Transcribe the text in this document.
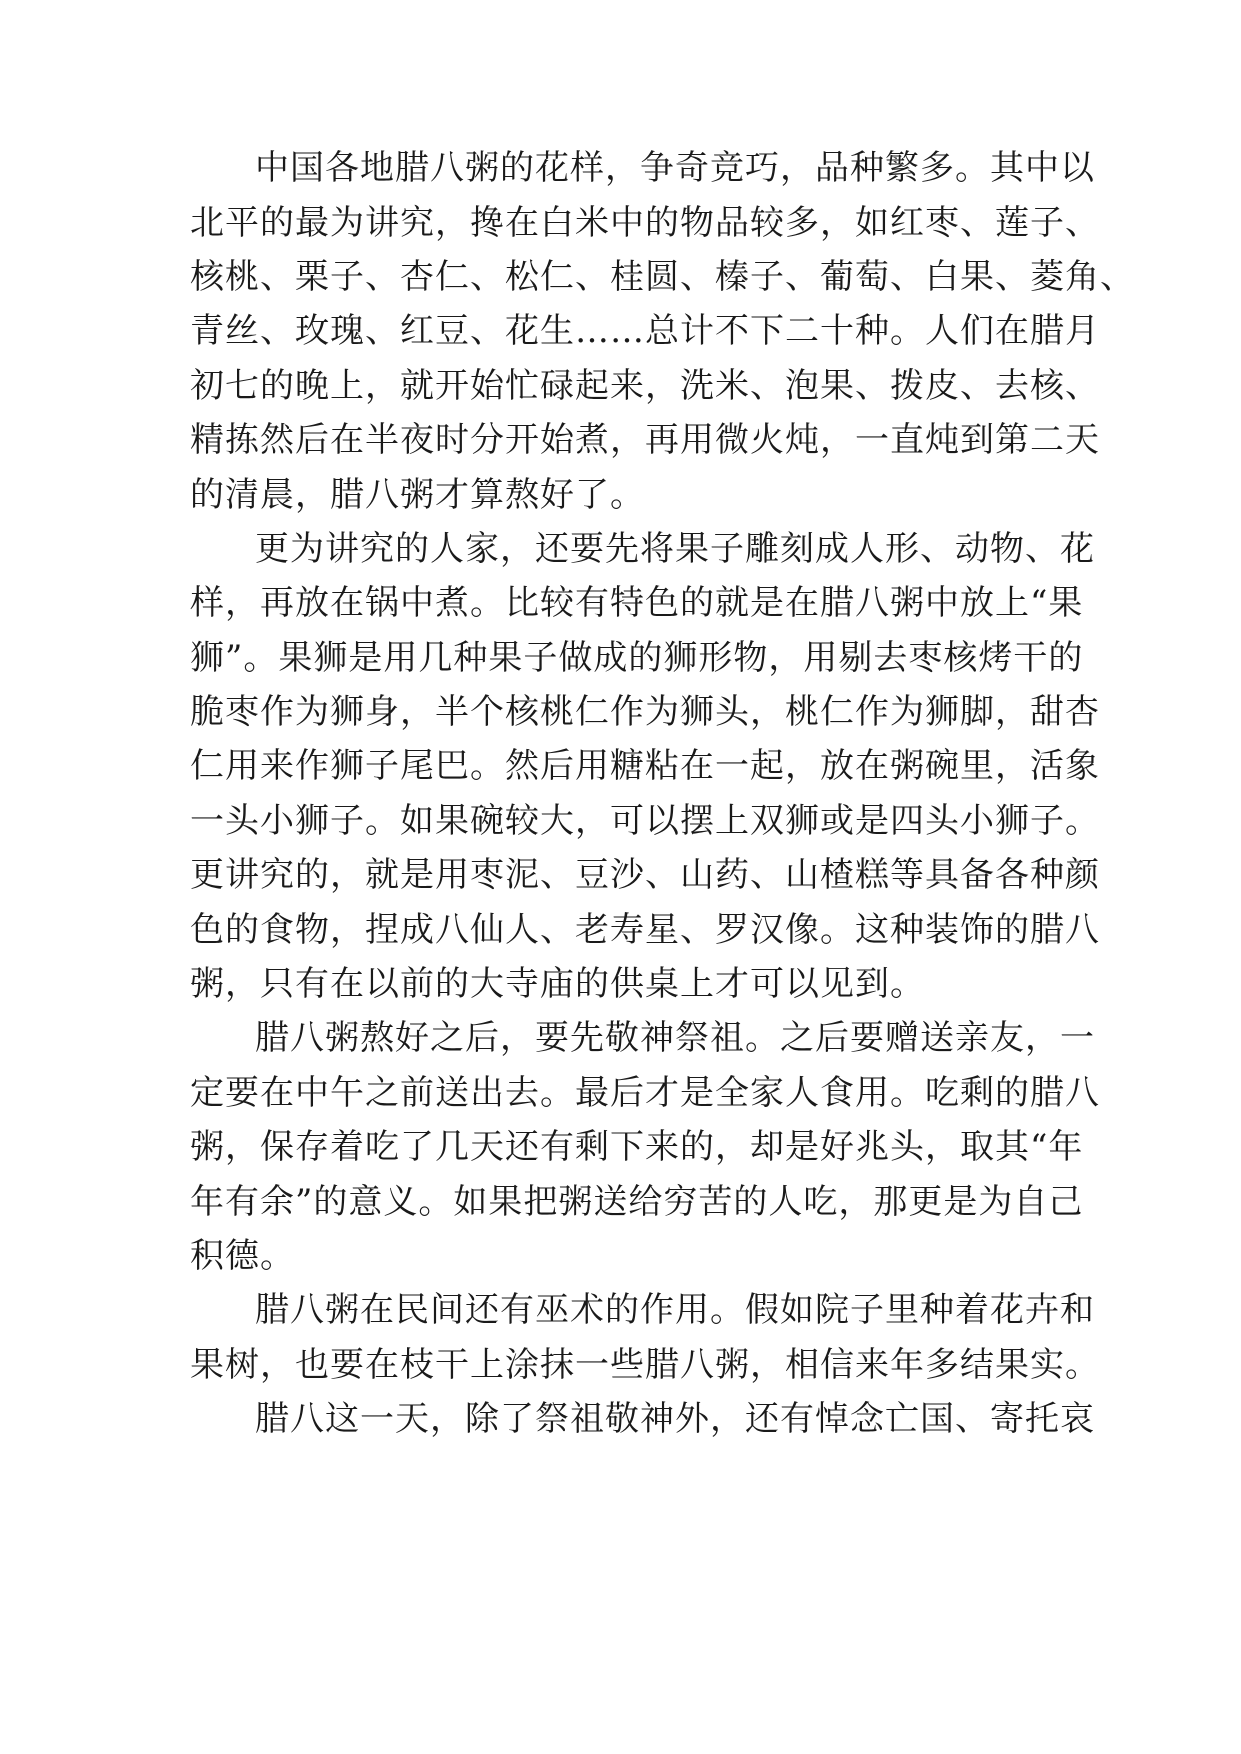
中国各地腊八粥的花样，争奇竞巧，品种繁多。其中以
北平的最为讲究，搀在白米中的物品较多，如红枣、莲子、
核桃、栗子、杏仁、松仁、桂圆、榛子、葡萄、白果、菱角、
青丝、玫瑰、红豆、花生……总计不下二十种。人们在腊月
初七的晚上，就开始忙碌起来，洗米、泡果、拨皮、去核、
精拣然后在半夜时分开始煮，再用微火炖，一直炖到第二天
的清晨，腊八粥才算熬好了。
更为讲究的人家，还要先将果子雕刻成人形、动物、花
样，再放在锅中煮。比较有特色的就是在腊八粥中放上“果
狮”。果狮是用几种果子做成的狮形物，用剔去枣核烤干的
脆枣作为狮身，半个核桃仁作为狮头，桃仁作为狮脚，甜杏
仁用来作狮子尾巴。然后用糖粘在一起，放在粥碗里，活象
一头小狮子。如果碗较大，可以摆上双狮或是四头小狮子。
更讲究的，就是用枣泥、豆沙、山药、山楂糕等具备各种颜
色的食物，捏成八仙人、老寿星、罗汉像。这种装饰的腊八
粥，只有在以前的大寺庙的供桌上才可以见到。
腊八粥熬好之后，要先敬神祭祖。之后要赠送亲友，一
定要在中午之前送出去。最后才是全家人食用。吃剩的腊八
粥，保存着吃了几天还有剩下来的，却是好兆头，取其“年
年有余”的意义。如果把粥送给穷苦的人吃，那更是为自己
积德。
腊八粥在民间还有巫术的作用。假如院子里种着花卉和
果树，也要在枝干上涂抹一些腊八粥，相信来年多结果实。
腊八这一天，除了祭祖敬神外，还有悼念亡国、寄托哀
